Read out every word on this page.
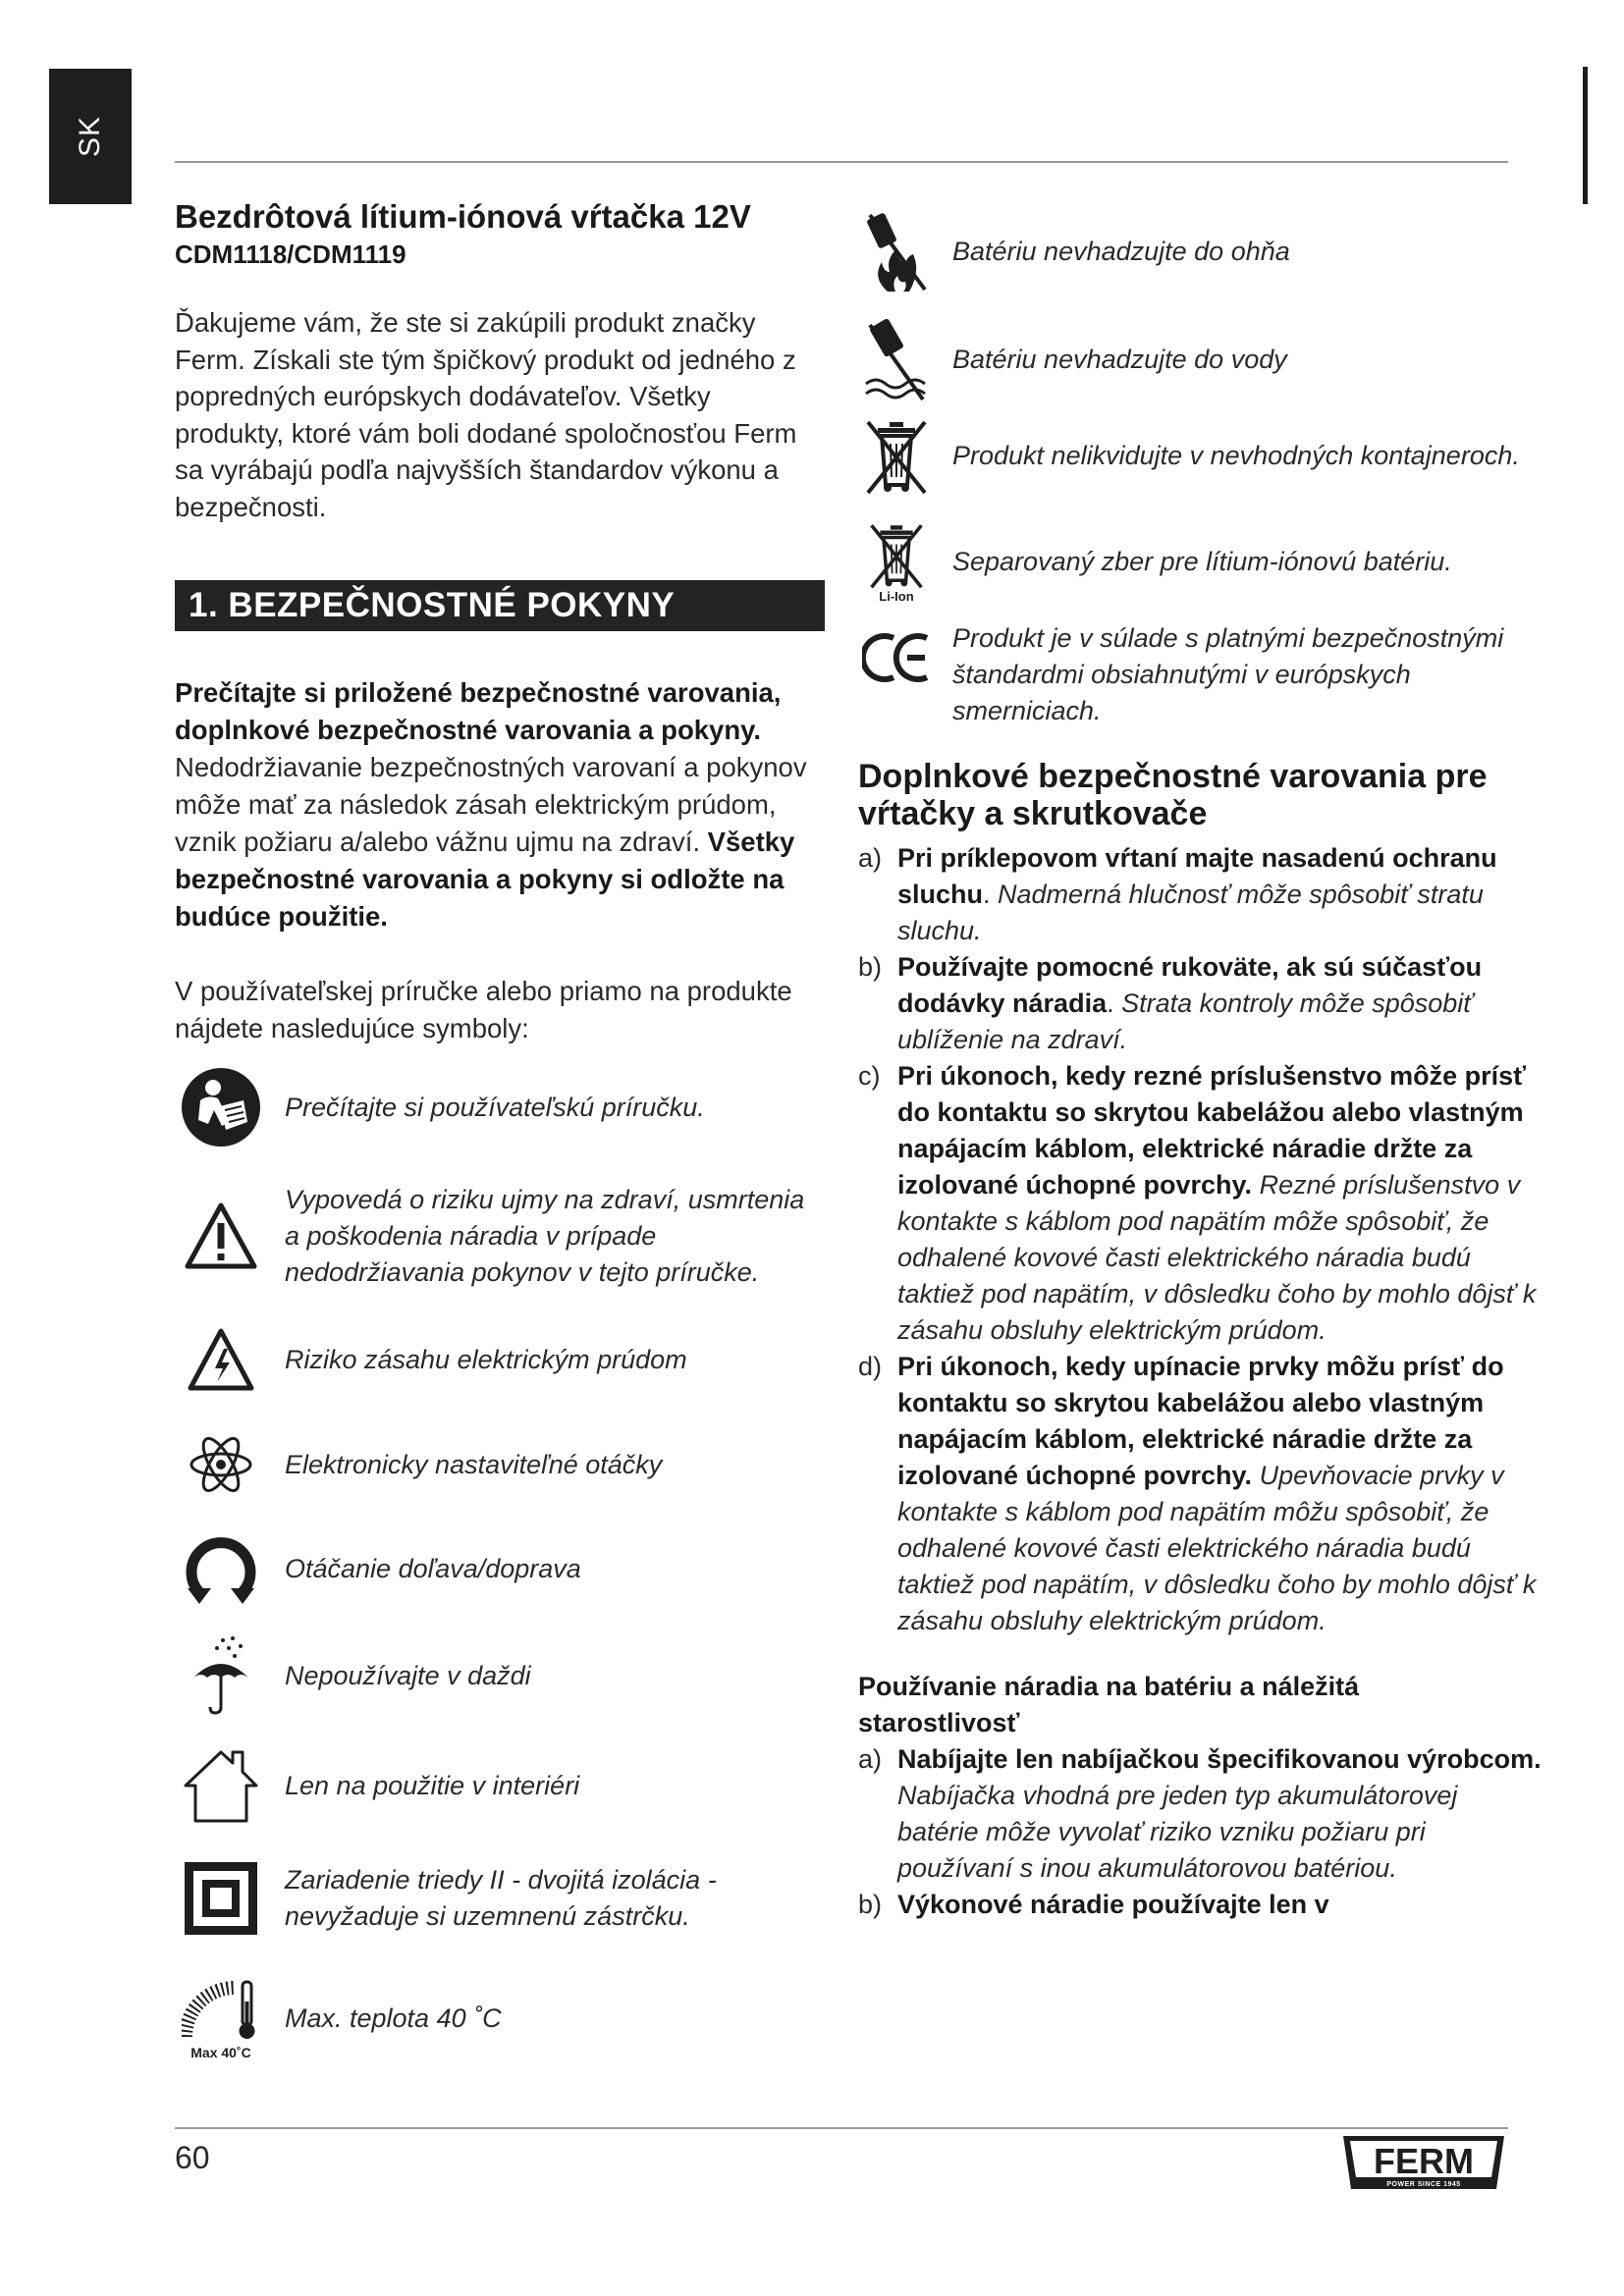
SK
Bezdrôtová lítium-iónová vŕtačka 12V
CDM1118/CDM1119
Ďakujeme vám, že ste si zakúpili produkt značky Ferm. Získali ste tým špičkový produkt od jedného z popredných európskych dodávateľov. Všetky produkty, ktoré vám boli dodané spoločnosťou Ferm sa vyrábajú podľa najvyšších štandardov výkonu a bezpečnosti.
1. BEZPEČNOSTNÉ POKYNY
Prečítajte si priložené bezpečnostné varovania, doplnkové bezpečnostné varovania a pokyny. Nedodržiavanie bezpečnostných varovaní a pokynov môže mať za následok zásah elektrickým prúdom, vznik požiaru a/alebo vážnu ujmu na zdraví. Všetky bezpečnostné varovania a pokyny si odložte na budúce použitie.
V používateľskej príručke alebo priamo na produkte nájdete nasledujúce symboly:
Prečítajte si používateľskú príručku.
Vypovedá o riziku ujmy na zdraví, usmrtenia a poškodenia náradia v prípade nedodržiavania pokynov v tejto príručke.
Riziko zásahu elektrickým prúdom
Elektronicky nastaviteľné otáčky
Otáčanie doľava/doprava
Nepoužívajte v daždi
Len na použitie v interiéri
Zariadenie triedy II - dvojitá izolácia - nevyžaduje si uzemnenú zástrčku.
Max 40˚C
Max. teplota 40 ˚C
Batériu nevhadzujte do ohňa
Batériu nevhadzujte do vody
Produkt nelikvidujte v nevhodných kontajneroch.
Li-Ion
Separovaný zber pre lítium-iónovú batériu.
Produkt je v súlade s platnými bezpečnostnými štandardmi obsiahnutými v európskych smerniciach.
Doplnkové bezpečnostné varovania pre vŕtačky a skrutkovače
a) Pri príklepovom vŕtaní majte nasadenú ochranu sluchu. Nadmerná hlučnosť môže spôsobiť stratu sluchu.
b) Používajte pomocné rukoväte, ak sú súčasťou dodávky náradia. Strata kontroly môže spôsobiť ublíženie na zdraví.
c) Pri úkonoch, kedy rezné príslušenstvo môže prísť do kontaktu so skrytou kabelážou alebo vlastným napájacím káblom, elektrické náradie držte za izolované úchopné povrchy. Rezné príslušenstvo v kontakte s káblom pod napätím môže spôsobiť, že odhalené kovové časti elektrického náradia budú taktiež pod napätím, v dôsledku čoho by mohlo dôjsť k zásahu obsluhy elektrickým prúdom.
d) Pri úkonoch, kedy upínacie prvky môžu prísť do kontaktu so skrytou kabelážou alebo vlastným napájacím káblom, elektrické náradie držte za izolované úchopné povrchy. Upevňovacie prvky v kontakte s káblom pod napätím môžu spôsobiť, že odhalené kovové časti elektrického náradia budú taktiež pod napätím, v dôsledku čoho by mohlo dôjsť k zásahu obsluhy elektrickým prúdom.
Používanie náradia na batériu a náležitá starostlivosť
a) Nabíjajte len nabíjačkou špecifikovanou výrobcom. Nabíjačka vhodná pre jeden typ akumulátorovej batérie môže vyvolať riziko vzniku požiaru pri používaní s inou akumulátorovou batériou.
b) Výkonové náradie používajte len v
60	FERM
POWER SINCE 1945
